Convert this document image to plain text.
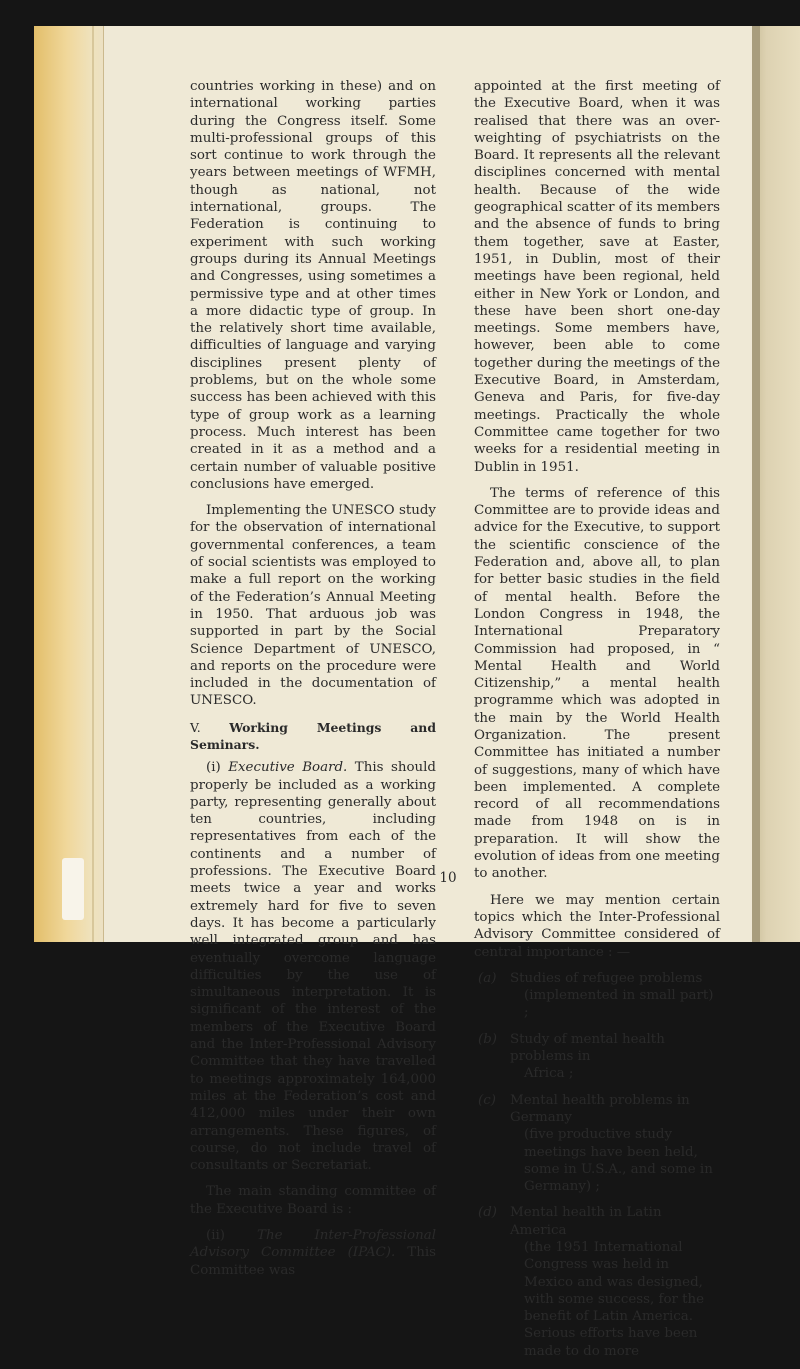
countries working in these) and on international working parties during the Congress itself. Some multi-professional groups of this sort continue to work through the years between meetings of WFMH, though as national, not international, groups. The Federation is continuing to experiment with such working groups during its Annual Meetings and Congresses, using sometimes a permissive type and at other times a more didactic type of group. In the relatively short time available, difficulties of language and varying disciplines present plenty of problems, but on the whole some success has been achieved with this type of group work as a learning process. Much interest has been created in it as a method and a certain number of valuable positive conclusions have emerged.

Implementing the UNESCO study for the observation of international governmental conferences, a team of social scientists was employed to make a full report on the working of the Federation’s Annual Meeting in 1950. That arduous job was supported in part by the Social Science Department of UNESCO, and reports on the procedure were included in the documentation of UNESCO.

V. Working Meetings and Seminars.

(i) Executive Board. This should properly be included as a working party, representing generally about ten countries, including representatives from each of the continents and a number of professions. The Executive Board meets twice a year and works extremely hard for five to seven days. It has become a particularly well integrated group and has eventually overcome language difficulties by the use of simultaneous interpretation. It is significant of the interest of the members of the Executive Board and the Inter-Professional Advisory Committee that they have travelled to meetings approximately 164,000 miles at the Federation’s cost and 412,000 miles under their own arrangements. These figures, of course, do not include travel of consultants or Secretariat.

The main standing committee of the Executive Board is :

(ii) The Inter-Professional Advisory Committee (IPAC). This Committee was

appointed at the first meeting of the Executive Board, when it was realised that there was an over-weighting of psychiatrists on the Board. It represents all the relevant disciplines concerned with mental health. Because of the wide geographical scatter of its members and the absence of funds to bring them together, save at Easter, 1951, in Dublin, most of their meetings have been regional, held either in New York or London, and these have been short one-day meetings. Some members have, however, been able to come together during the meetings of the Executive Board, in Amsterdam, Geneva and Paris, for five-day meetings. Practically the whole Committee came together for two weeks for a residential meeting in Dublin in 1951.

The terms of reference of this Committee are to provide ideas and advice for the Executive, to support the scientific conscience of the Federation and, above all, to plan for better basic studies in the field of mental health. Before the London Congress in 1948, the International Preparatory Commission had proposed, in “ Mental Health and World Citizenship,” a mental health programme which was adopted in the main by the World Health Organization. The present Committee has initiated a number of suggestions, many of which have been implemented. A complete record of all recommendations made from 1948 on is in preparation. It will show the evolution of ideas from one meeting to another.

Here we may mention certain topics which the Inter-Professional Advisory Committee considered of central importance : —

(a)	Studies of refugee problems
(implemented in small part) ;
(b) Study of mental health problems in
Africa ;
(c)	Mental health problems in Germany
(five productive study meetings have been held, some in U.S.A., and some in Germany) ;
(d) Mental health in Latin America
(the 1951 International Congress was held in Mexico and was designed, with some success, for the benefit of Latin America. Serious efforts have been made to do more
10
